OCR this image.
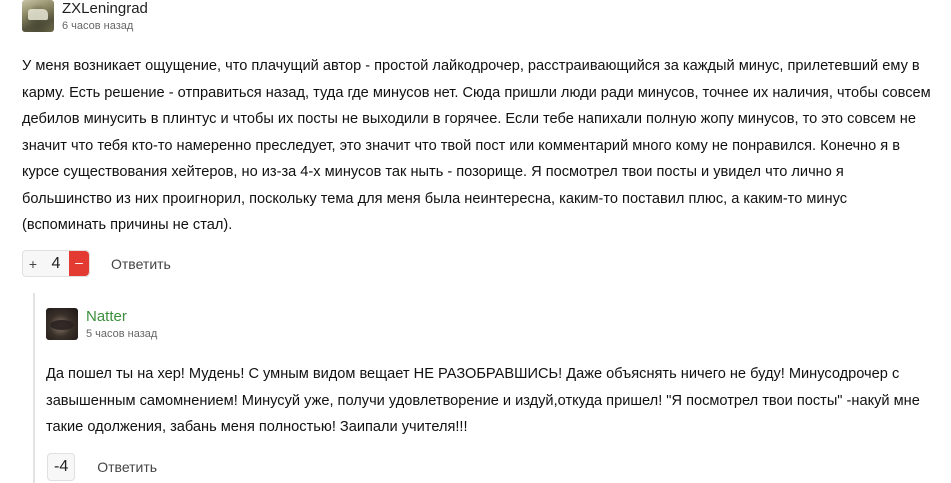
ZXLeningrad
6 часов назад
У меня возникает ощущение, что плачущий автор - простой лайкодрочер, расстраивающийся за каждый минус, прилетевший ему в карму. Есть решение - отправиться назад, туда где минусов нет. Сюда пришли люди ради минусов, точнее их наличия, чтобы совсем дебилов минусить в плинтус и чтобы их посты не выходили в горячее. Если тебе напихали полную жопу минусов, то это совсем не значит что тебя кто-то намеренно преследует, это значит что твой пост или комментарий много кому не понравился. Конечно я в курсе существования хейтеров, но из-за 4-х минусов так ныть - позорище. Я посмотрел твои посты и увидел что лично я большинство из них проигнорил, поскольку тема для меня была неинтересна, каким-то поставил плюс, а каким-то минус (вспоминать причины не стал).
+ 4	–	Ответить
Natter
5 часов назад
Да пошел ты на хер! Мудень! С умным видом вещает НЕ РАЗОБРАВШИСЬ! Даже объяснять ничего не буду! Минусодрочер с завышенным самомнением! Минусуй уже, получи удовлетворение и издуй,откуда пришел! "Я посмотрел твои посты" -накуй мне такие одолжения, забань меня полностью! Заипали учителя!!!
-4	Ответить
